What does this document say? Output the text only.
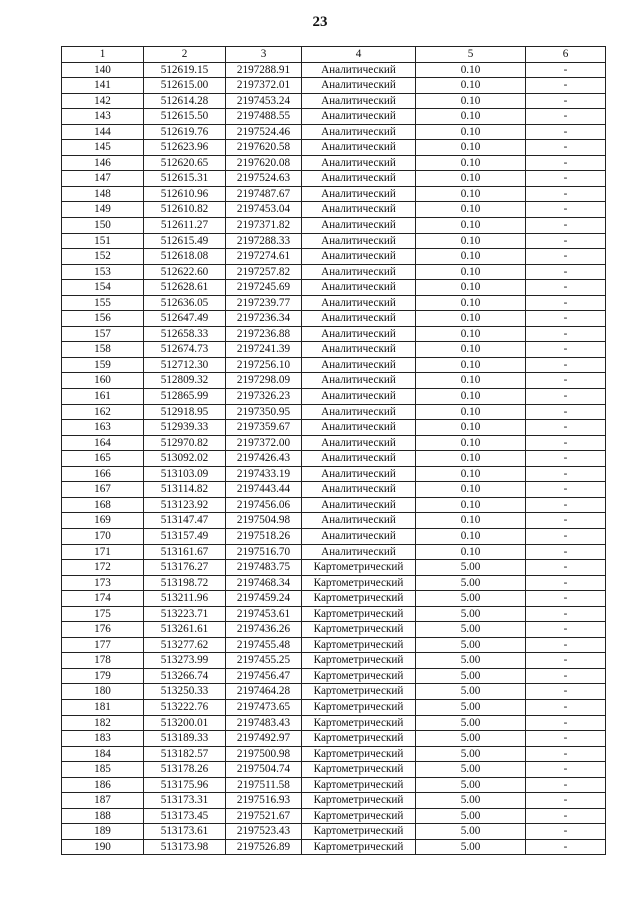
23
1	2	3	4	5	6
140	512619.15	2197288.91	Аналитический	0.10	-
141	512615.00	2197372.01	Аналитический	0.10	-
142	512614.28	2197453.24	Аналитический	0.10	-
143	512615.50	2197488.55	Аналитический	0.10	-
144	512619.76	2197524.46	Аналитический	0.10	-
145	512623.96	2197620.58	Аналитический	0.10	-
146	512620.65	2197620.08	Аналитический	0.10	-
147	512615.31	2197524.63	Аналитический	0.10	-
148	512610.96	2197487.67	Аналитический	0.10	-
149	512610.82	2197453.04	Аналитический	0.10	-
150	512611.27	2197371.82	Аналитический	0.10	-
151	512615.49	2197288.33	Аналитический	0.10	-
152	512618.08	2197274.61	Аналитический	0.10	-
153	512622.60	2197257.82	Аналитический	0.10	-
154	512628.61	2197245.69	Аналитический	0.10	-
155	512636.05	2197239.77	Аналитический	0.10	-
156	512647.49	2197236.34	Аналитический	0.10	-
157	512658.33	2197236.88	Аналитический	0.10	-
158	512674.73	2197241.39	Аналитический	0.10	-
159	512712.30	2197256.10	Аналитический	0.10	-
160	512809.32	2197298.09	Аналитический	0.10	-
161	512865.99	2197326.23	Аналитический	0.10	-
162	512918.95	2197350.95	Аналитический	0.10	-
163	512939.33	2197359.67	Аналитический	0.10	-
164	512970.82	2197372.00	Аналитический	0.10	-
165	513092.02	2197426.43	Аналитический	0.10	-
166	513103.09	2197433.19	Аналитический	0.10	-
167	513114.82	2197443.44	Аналитический	0.10	-
168	513123.92	2197456.06	Аналитический	0.10	-
169	513147.47	2197504.98	Аналитический	0.10	-
170	513157.49	2197518.26	Аналитический	0.10	-
171	513161.67	2197516.70	Аналитический	0.10	-
172	513176.27	2197483.75	Картометрический	5.00	-
173	513198.72	2197468.34	Картометрический	5.00	-
174	513211.96	2197459.24	Картометрический	5.00	-
175	513223.71	2197453.61	Картометрический	5.00	-
176	513261.61	2197436.26	Картометрический	5.00	-
177	513277.62	2197455.48	Картометрический	5.00	-
178	513273.99	2197455.25	Картометрический	5.00	-
179	513266.74	2197456.47	Картометрический	5.00	-
180	513250.33	2197464.28	Картометрический	5.00	-
181	513222.76	2197473.65	Картометрический	5.00	-
182	513200.01	2197483.43	Картометрический	5.00	-
183	513189.33	2197492.97	Картометрический	5.00	-
184	513182.57	2197500.98	Картометрический	5.00	-
185	513178.26	2197504.74	Картометрический	5.00	-
186	513175.96	2197511.58	Картометрический	5.00	-
187	513173.31	2197516.93	Картометрический	5.00	-
188	513173.45	2197521.67	Картометрический	5.00	-
189	513173.61	2197523.43	Картометрический	5.00	-
190	513173.98	2197526.89	Картометрический	5.00	-
